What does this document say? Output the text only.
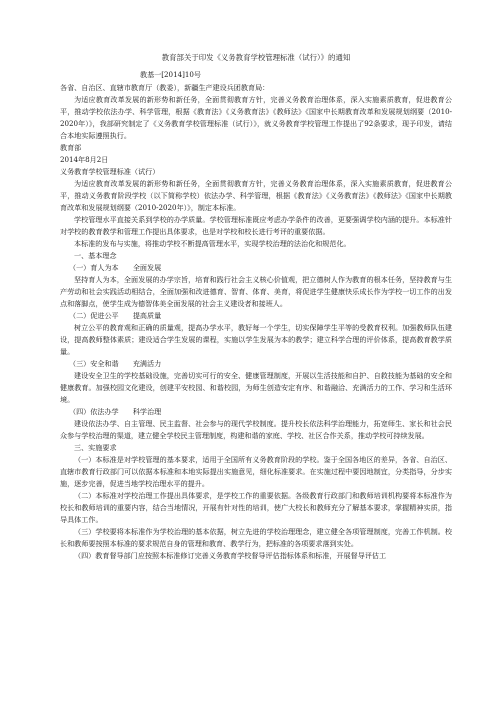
教育部关于印发《义务教育学校管理标准（试行）》的通知

教基一[2014]10号

各省、自治区、直辖市教育厅（教委），新疆生产建设兵团教育局：

为适应教育改革发展的新形势和新任务，全面贯彻教育方针，完善义务教育治理体系，深入实施素质教育，促进教育公平，推动学校依法办学、科学管理，根据《教育法》《义务教育法》《教师法》《国家中长期教育改革和发展规划纲要（2010-2020年）》，我部研究制定了《义务教育学校管理标准（试行）》，就义务教育学校管理工作提出了92条要求，现予印发，请结合本地实际遵照执行。

教育部

2014年8月2日

义务教育学校管理标准（试行）

为适应教育改革发展的新形势和新任务，全面贯彻教育方针，完善义务教育治理体系，深入实施素质教育，促进教育公平，推动义务教育阶段学校（以下简称学校）依法办学、科学管理，根据《教育法》《义务教育法》《教师法》《国家中长期教育改革和发展规划纲要（2010-2020年）》，制定本标准。

学校管理水平直接关系到学校的办学质量。学校管理标准既应考虑办学条件的改善，更要强调学校内涵的提升。本标准针对学校的教育教学和管理工作提出具体要求，也是对学校和校长进行考评的重要依据。

本标准的发布与实施，将推动学校不断提高管理水平，实现学校治理的法治化和规范化。

一、基本理念

（一）育人为本　　全面发展

坚持育人为本，全面发展的办学宗旨，培育和践行社会主义核心价值观，把立德树人作为教育的根本任务，坚持教育与生产劳动和社会实践活动相结合，全面加强和改进德育、智育、体育、美育，将促进学生健康快乐成长作为学校一切工作的出发点和落脚点，使学生成为德智体美全面发展的社会主义建设者和接班人。

（二）促进公平　　提高质量

树立公平的教育观和正确的质量观，提高办学水平，教好每一个学生，切实保障学生平等的受教育权利。加强教师队伍建设，提高教师整体素质；建设适合学生发展的课程，实施以学生发展为本的教学；建立科学合理的评价体系，提高教育教学质量。

（三）安全和谐　　充满活力

建设安全卫生的学校基础设施，完善切实可行的安全、健康管理制度，开展以生活技能和自护、自救技能为基础的安全和健康教育。加强校园文化建设，创建平安校园、和谐校园，为师生创造安定有序、和谐融洽、充满活力的工作、学习和生活环境。

（四）依法办学　　科学治理

建设依法办学、自主管理、民主监督、社会参与的现代学校制度。提升校长依法科学治理能力，拓宽师生、家长和社会民众参与学校治理的渠道，建立健全学校民主管理制度，构建和谐的家庭、学校、社区合作关系，推动学校可持续发展。

三、实施要求

（一）本标准是对学校管理的基本要求，适用于全国所有义务教育阶段的学校。鉴于全国各地区的差异，各省、自治区、直辖市教育行政部门可以依据本标准和本地实际提出实施意见，细化标准要求。在实施过程中要因地制宜，分类指导，分步实施，逐步完善，促进当地学校治理水平的提升。

（二）本标准对学校治理工作提出具体要求，是学校工作的重要依据。各级教育行政部门和教师培训机构要将本标准作为校长和教师培训的重要内容，结合当地情况，开展有针对性的培训，使广大校长和教师充分了解基本要求，掌握精神实质，指导具体工作。

（三）学校要将本标准作为学校治理的基本依据，树立先进的学校治理理念，建立健全各项管理制度，完善工作机制。校长和教师要按照本标准的要求规范自身的管理和教育、教学行为，把标准的各项要求落到实处。

（四）教育督导部门应按照本标准修订完善义务教育学校督导评估指标体系和标准，开展督导评估工
